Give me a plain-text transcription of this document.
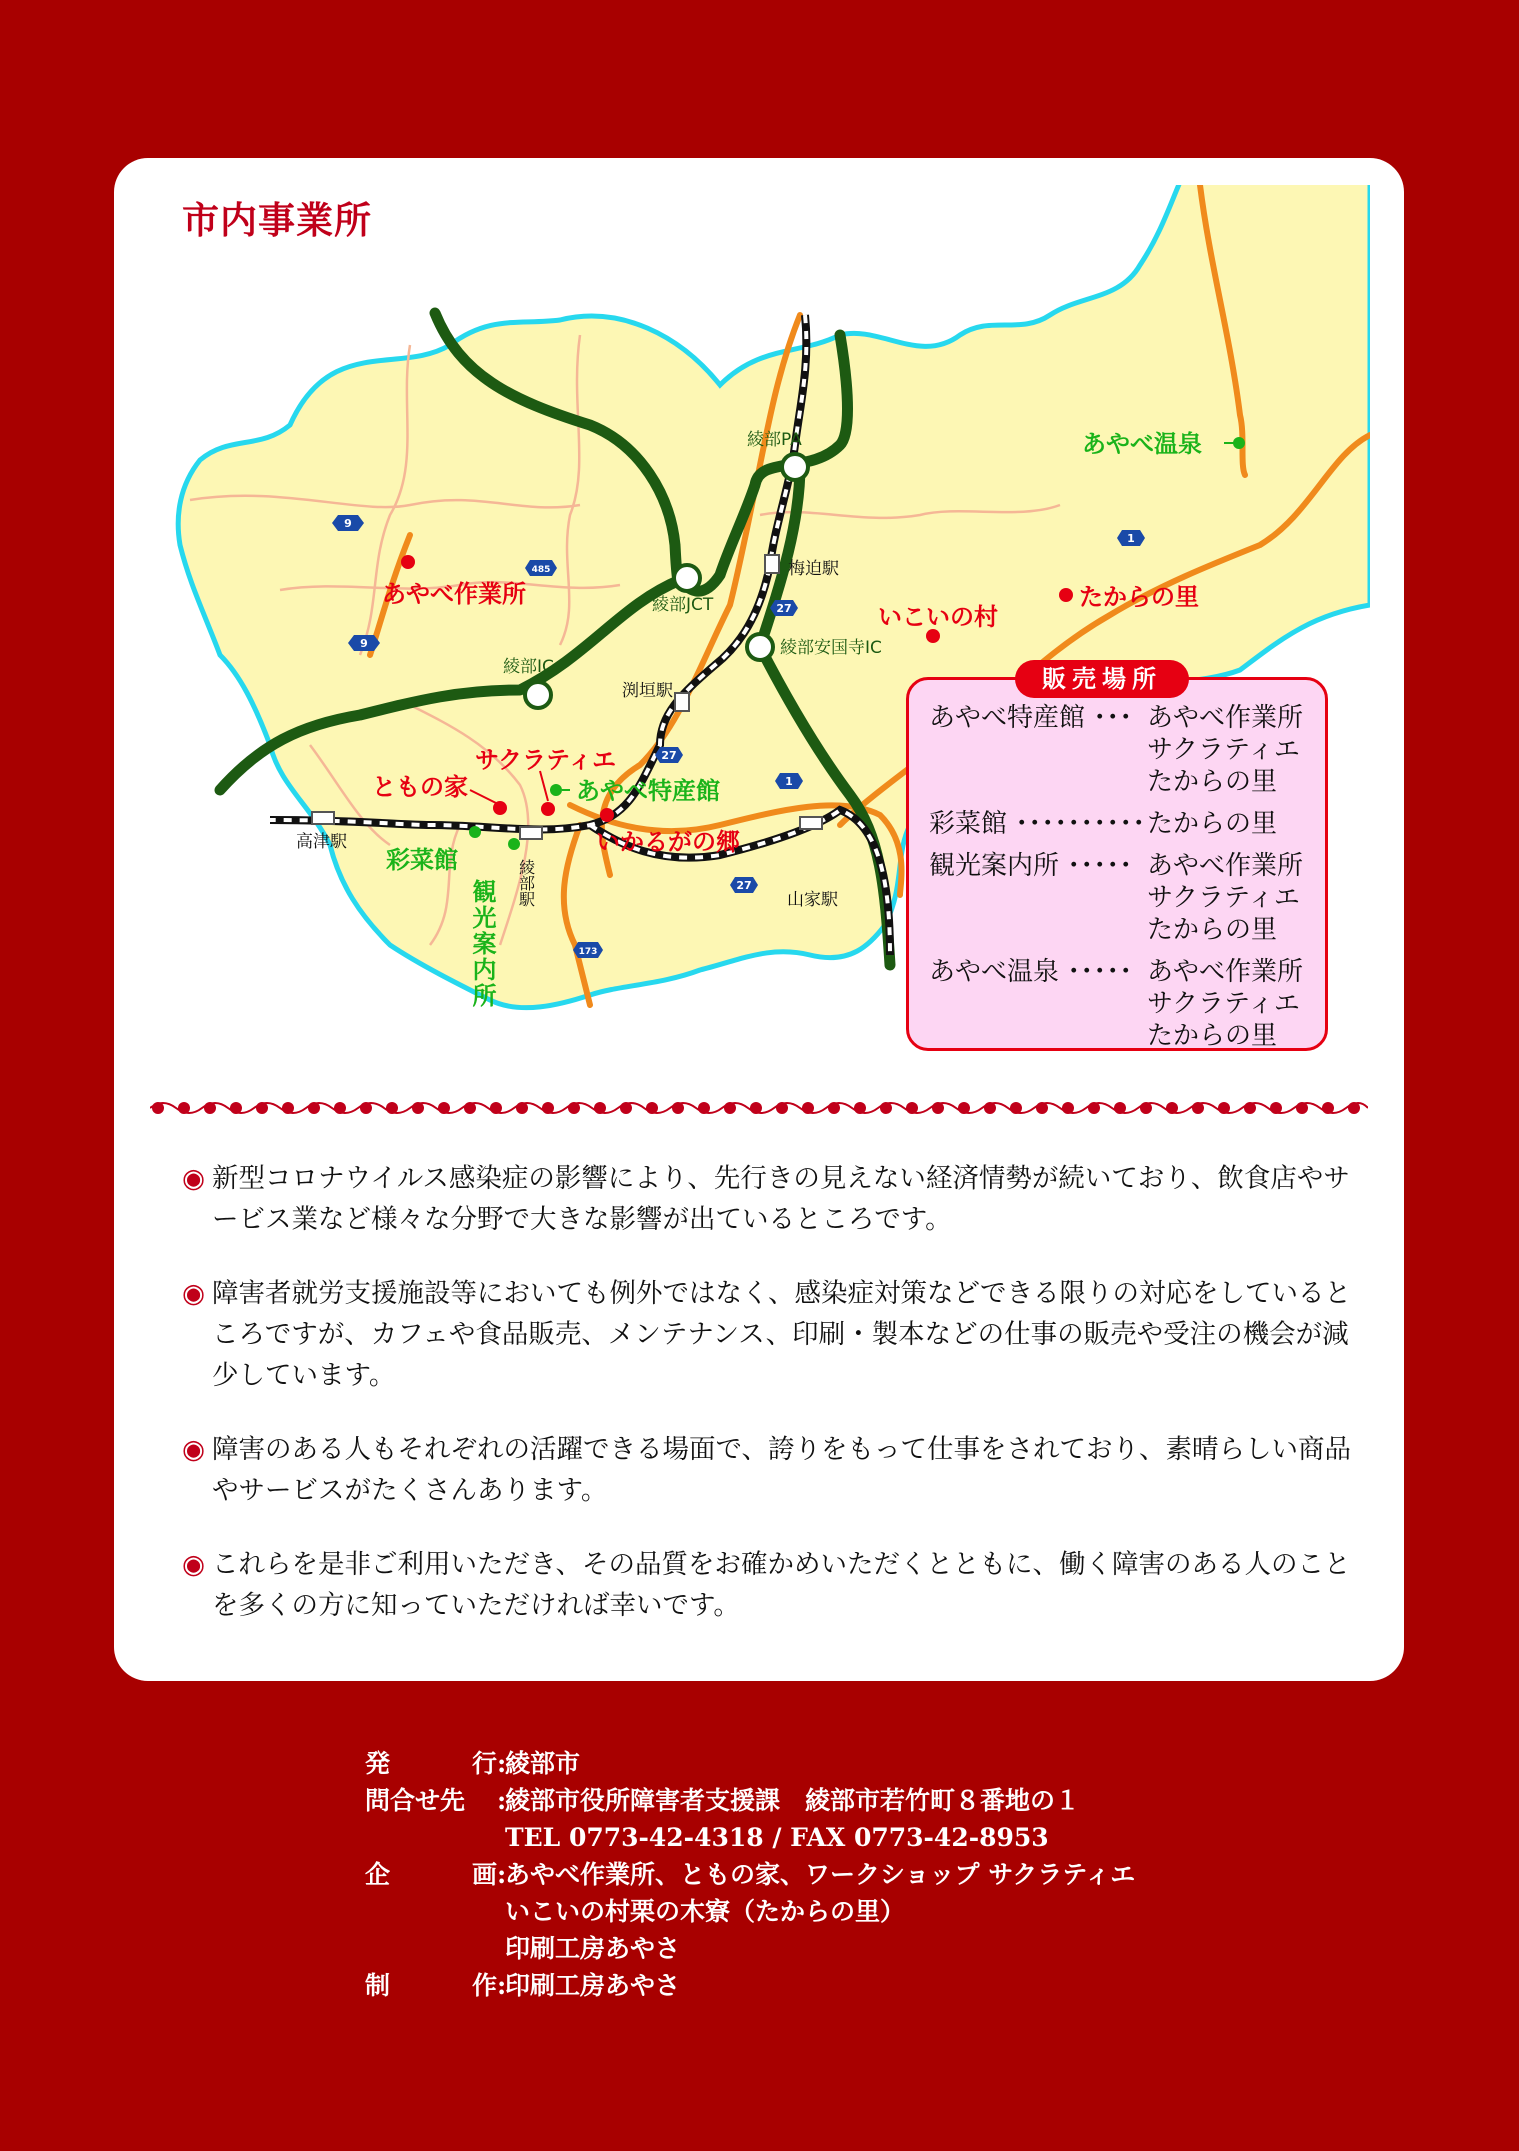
市内事業所
9
9
485
27
27
27
1
1
173
綾部PA
綾部JCT
綾部IC
綾部安国寺IC
梅迫駅
渕垣駅
高津駅
綾部駅	山家駅
あやべ作業所
いこいの村
たからの里
サクラティエ
ともの家
いかるがの郷
あやべ温泉
あやべ特産館
彩菜館
観光案内所
あやべ特産館 ･･･ あやべ作業所
サクラティエ
たからの里
彩菜館 ･･････････ たからの里
観光案内所 ･････ あやべ作業所
サクラティエ
たからの里
あやべ温泉 ･････ あやべ作業所
サクラティエ
たからの里
販売場所
◉ 新型コロナウイルス感染症の影響により、先行きの見えない経済情勢が続いており、飲食店やサービス業など様々な分野で大きな影響が出ているところです。
◉ 障害者就労支援施設等においても例外ではなく、感染症対策などできる限りの対応をしているところですが、カフェや食品販売、メンテナンス、印刷・製本などの仕事の販売や受注の機会が減少しています。
◉ 障害のある人もそれぞれの活躍できる場面で、誇りをもって仕事をされており、素晴らしい商品やサービスがたくさんあります。
◉ これらを是非ご利用いただき、その品質をお確かめいただくとともに、働く障害のある人のことを多くの方に知っていただければ幸いです。
発	行 :
綾部市
問合せ先	:
綾部市役所障害者支援課　綾部市若竹町８番地の１
TEL 0773-42-4318 / FAX 0773-42-8953
企	画 :
あやべ作業所、ともの家、ワークショップ サクラティエ
いこいの村栗の木寮（たからの里）
印刷工房あやさ
制	作 :
印刷工房あやさ
